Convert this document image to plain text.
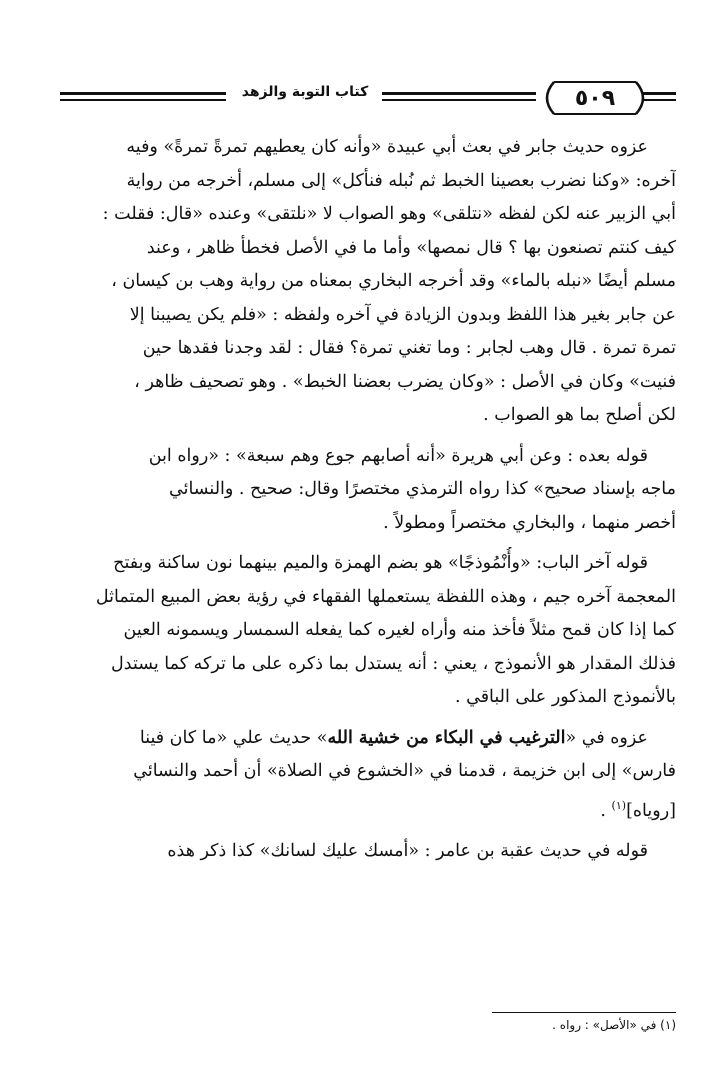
٥٠٩
كتاب التوبة والزهد
عزوه حديث جابر في بعث أبي عبيدة «وأنه كان يعطيهم تمرةً تمرةً» وفيه
آخره: «وكنا نضرب بعصينا الخبط ثم نُبله فنأكل» إلى مسلم، أخرجه من رواية
أبي الزبير عنه لكن لفظه «نتلقى» وهو الصواب لا «نلتقى» وعنده «قال: فقلت :
كيف كنتم تصنعون بها ؟ قال نمصها» وأما ما في الأصل فخطأ ظاهر ، وعند
مسلم أيضًا «نبله بالماء» وقد أخرجه البخاري بمعناه من رواية وهب بن كيسان ،
عن جابر بغير هذا اللفظ وبدون الزيادة في آخره ولفظه : «فلم يكن يصيبنا إلا
تمرة تمرة . قال وهب لجابر : وما تغني تمرة؟ فقال : لقد وجدنا فقدها حين
فنيت» وكان في الأصل : «وكان يضرب بعضنا الخبط» . وهو تصحيف ظاهر ،
لكن أصلح بما هو الصواب .
قوله بعده : وعن أبي هريرة «أنه أصابهم جوع وهم سبعة» : «رواه ابن
ماجه بإسناد صحيح» كذا رواه الترمذي مختصرًا وقال: صحيح . والنسائي
أخصر منهما ، والبخاري مختصراً ومطولاً .
قوله آخر الباب: «وأُنْمُوذجًا» هو بضم الهمزة والميم بينهما نون ساكنة وبفتح
المعجمة آخره جيم ، وهذه اللفظة يستعملها الفقهاء في رؤية بعض المبيع المتماثل
كما إذا كان قمح مثلاً فأخذ منه وأراه لغيره كما يفعله السمسار ويسمونه العين
فذلك المقدار هو الأنموذج ، يعني : أنه يستدل بما ذكره على ما تركه كما يستدل
بالأنموذج المذكور على الباقي .
عزوه في «الترغيب في البكاء من خشية الله» حديث علي «ما كان فينا
فارس» إلى ابن خزيمة ، قدمنا في «الخشوع في الصلاة» أن أحمد والنسائي
[روياه]$^{(١)}$ .
قوله في حديث عقبة بن عامر : «أمسك عليك لسانك» كذا ذكر هذه
(١) في «الأصل» : رواه .
